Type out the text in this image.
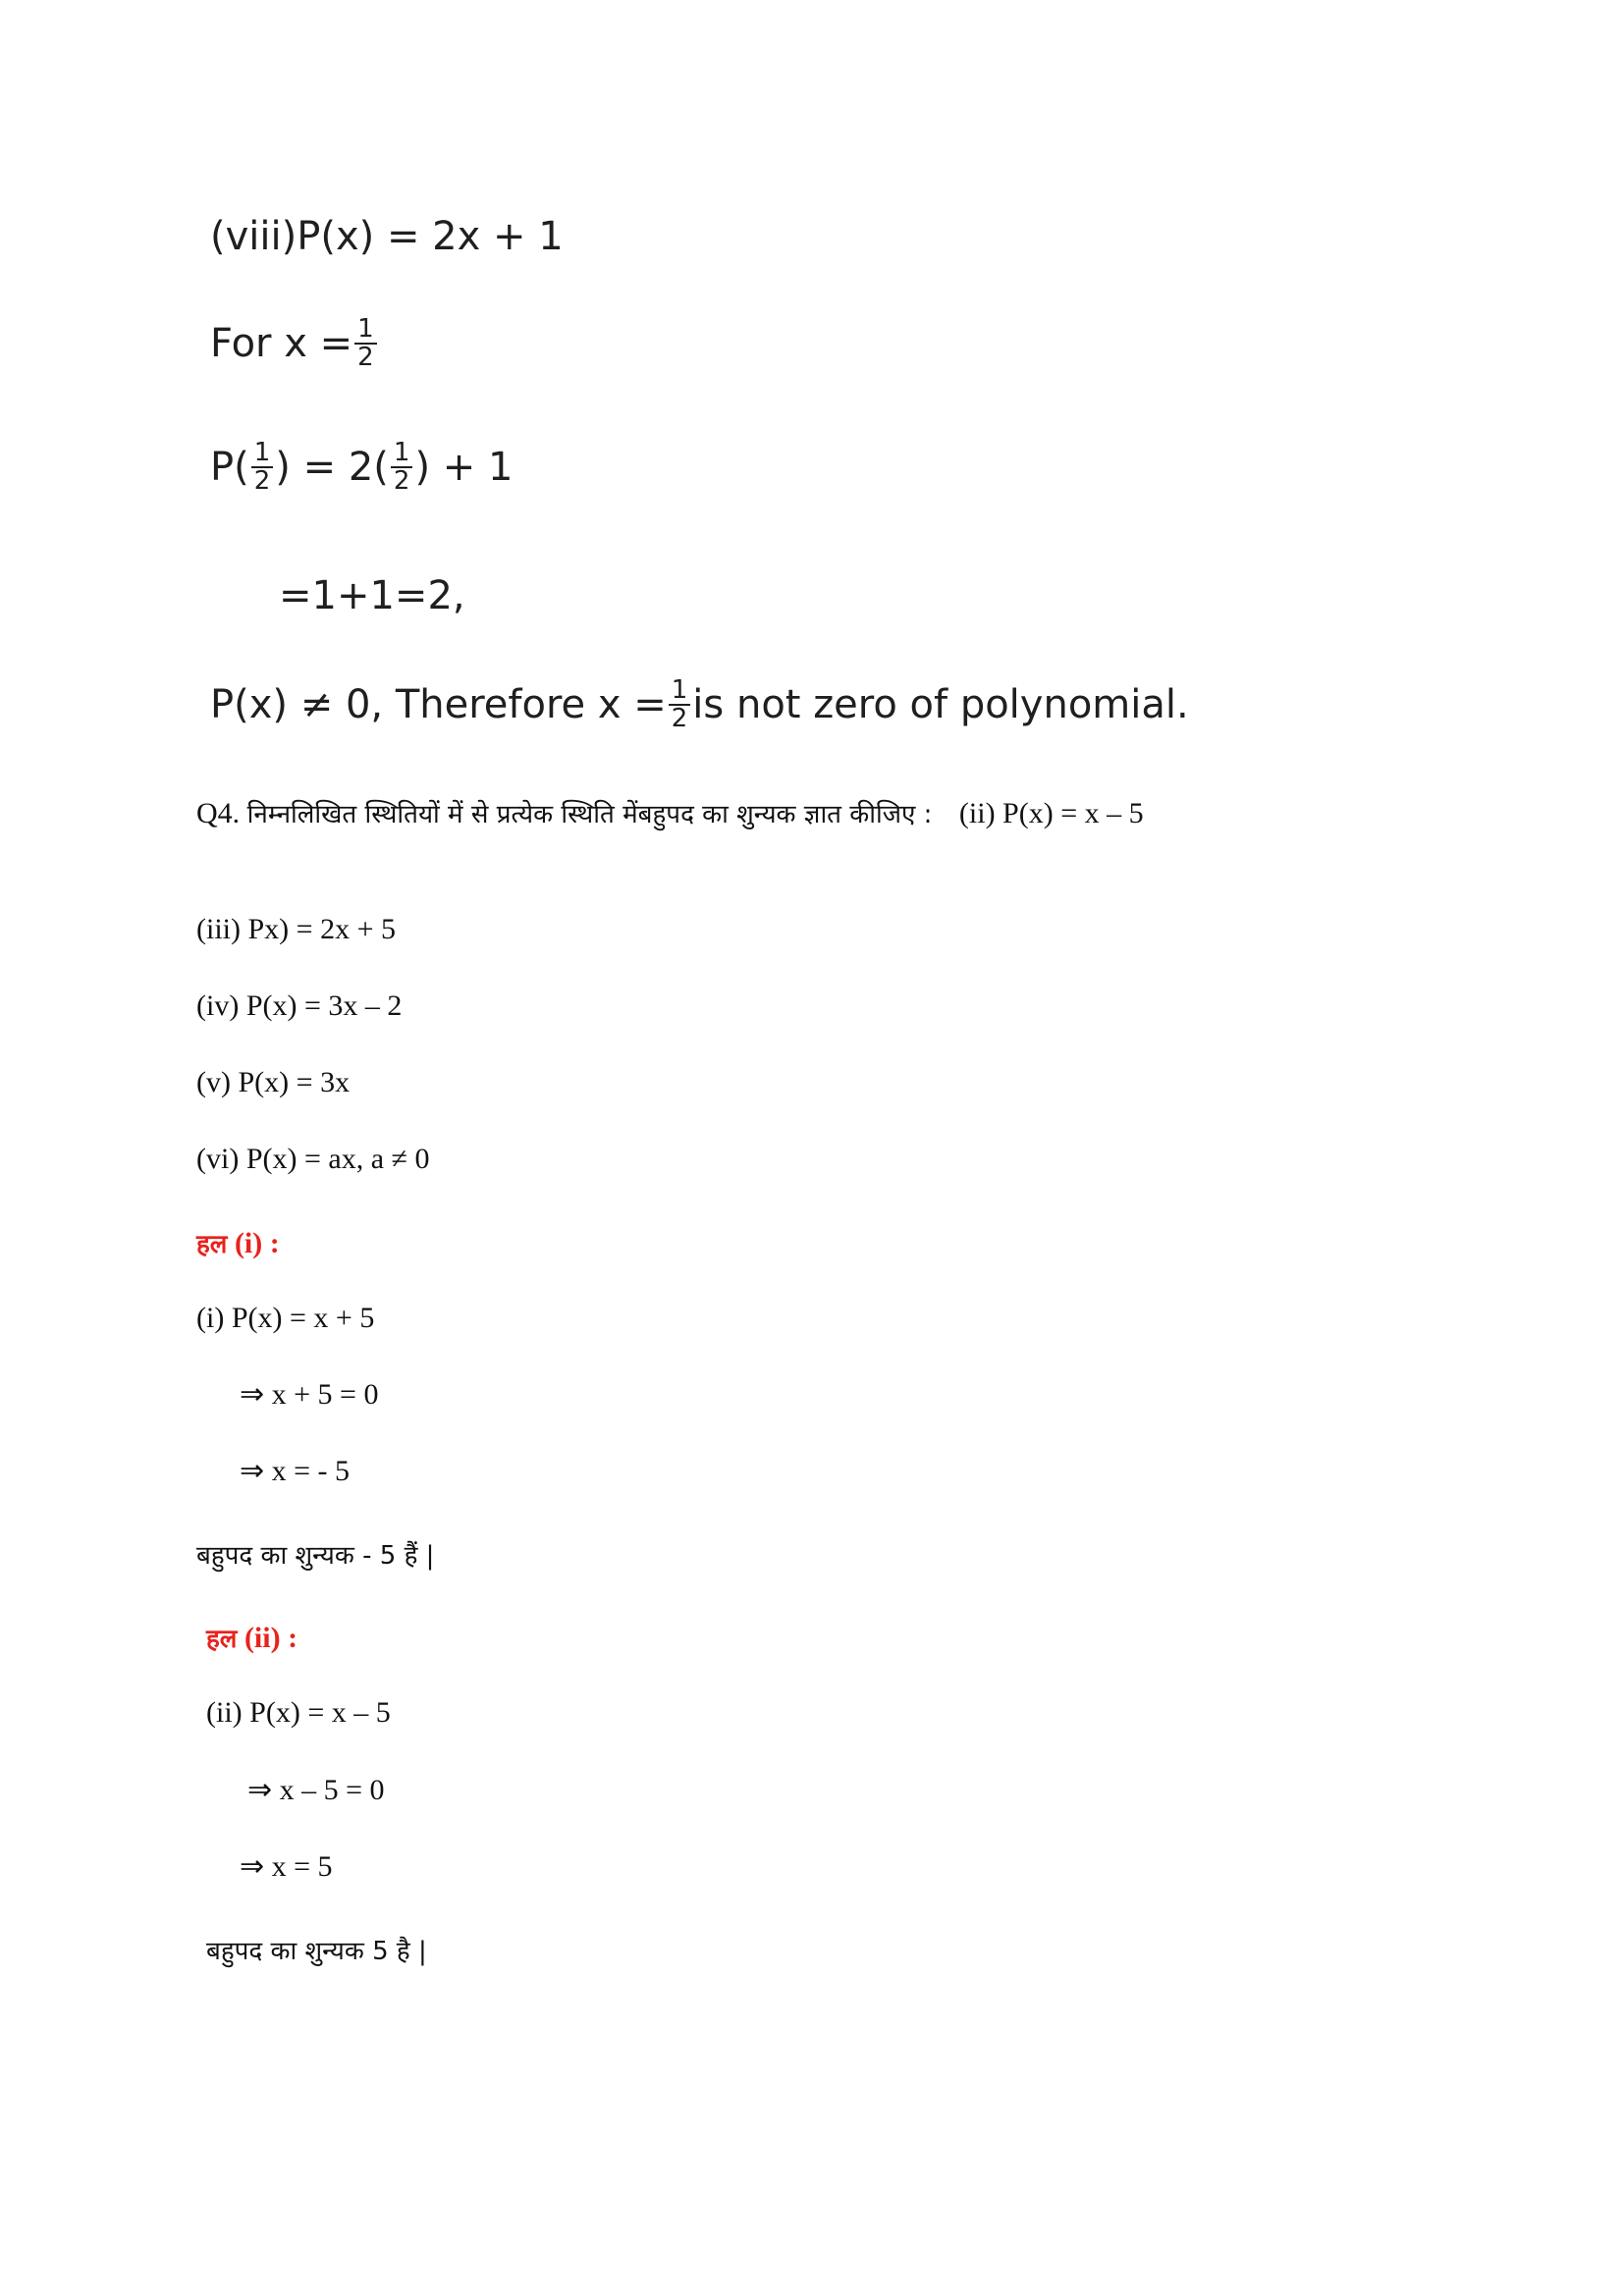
(viii)P(x) = 2x + 1
For $x = \frac{1}{2}$
$P( \frac{1}{2}$ ) = $2( \frac{1}{2}$ ) + 1
=1+1=2,
P(x) ≠ 0, Therefore $x = \frac{1}{2}$ is not zero of polynomial.
Q4. निम्नलिखित स्थितियों में से प्रत्येक स्थिति मेंबहुपद का शुन्यक ज्ञात कीजिए : (ii) P(x) = x – 5
(iii) Px) = 2x + 5
(iv) P(x) = 3x – 2
(v) P(x) = 3x
(vi) P(x) = ax, a ≠ 0
हल (i) :
(i) P(x) = x + 5
⇒ x + 5 = 0
⇒ x = - 5
बहुपद का शुन्यक - 5 हैं |
हल (ii) :
(ii) P(x) = x – 5
⇒ x – 5 = 0
⇒ x = 5
बहुपद का शुन्यक 5 है |
